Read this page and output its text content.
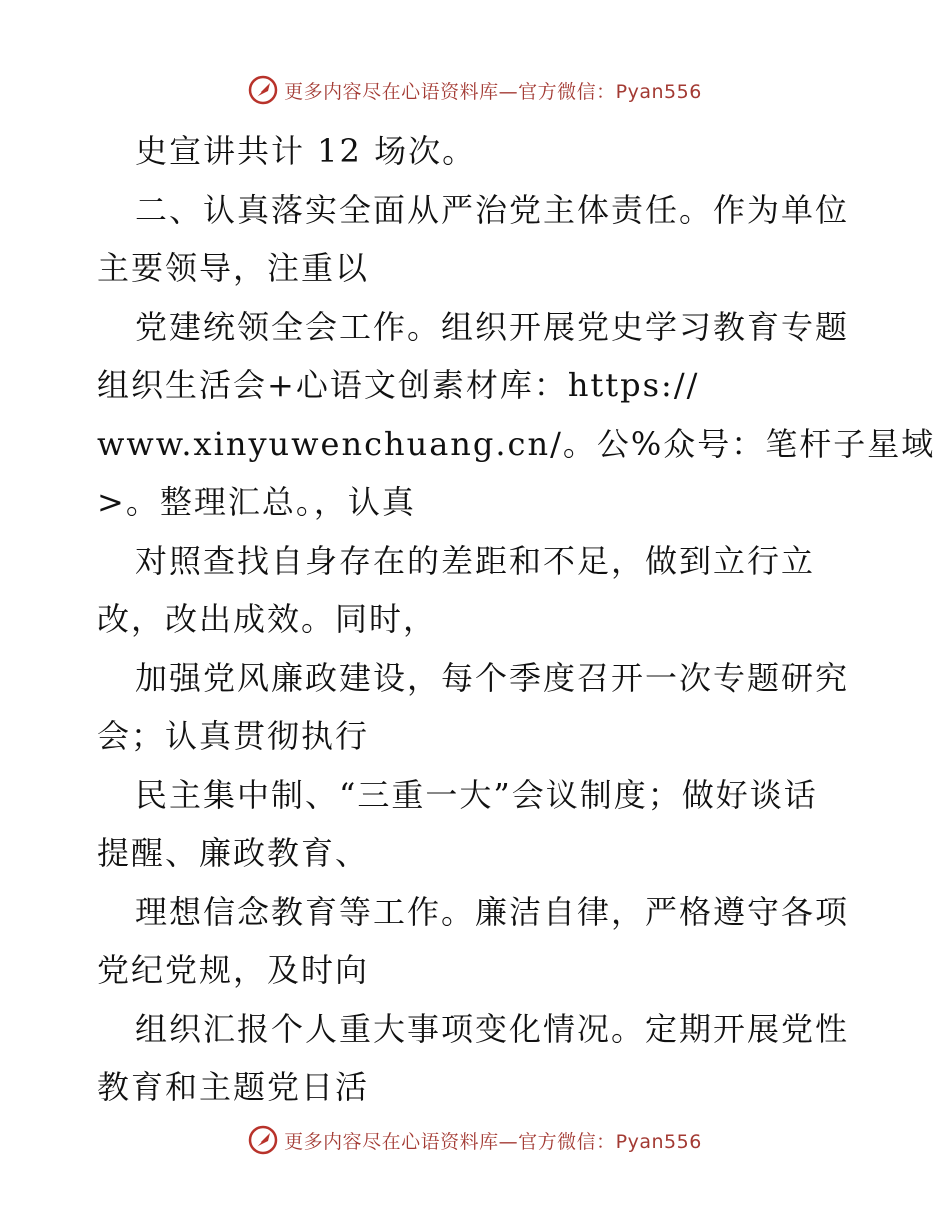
更多内容尽在心语资料库—官方微信：Pyan556
史宣讲共计 12 场次。
二、认真落实全面从严治党主体责任。作为单位
主要领导，注重以
党建统领全会工作。组织开展党史学习教育专题
组织生活会+心语文创素材库：https://
www.xinyuwenchuang.cn/。公%众号：笔杆子星域
>。整理汇总。，认真
对照查找自身存在的差距和不足，做到立行立
改，改出成效。同时，
加强党风廉政建设，每个季度召开一次专题研究
会；认真贯彻执行
民主集中制、“三重一大”会议制度；做好谈话
提醒、廉政教育、
理想信念教育等工作。廉洁自律，严格遵守各项
党纪党规，及时向
组织汇报个人重大事项变化情况。定期开展党性
教育和主题党日活
更多内容尽在心语资料库—官方微信：Pyan556
